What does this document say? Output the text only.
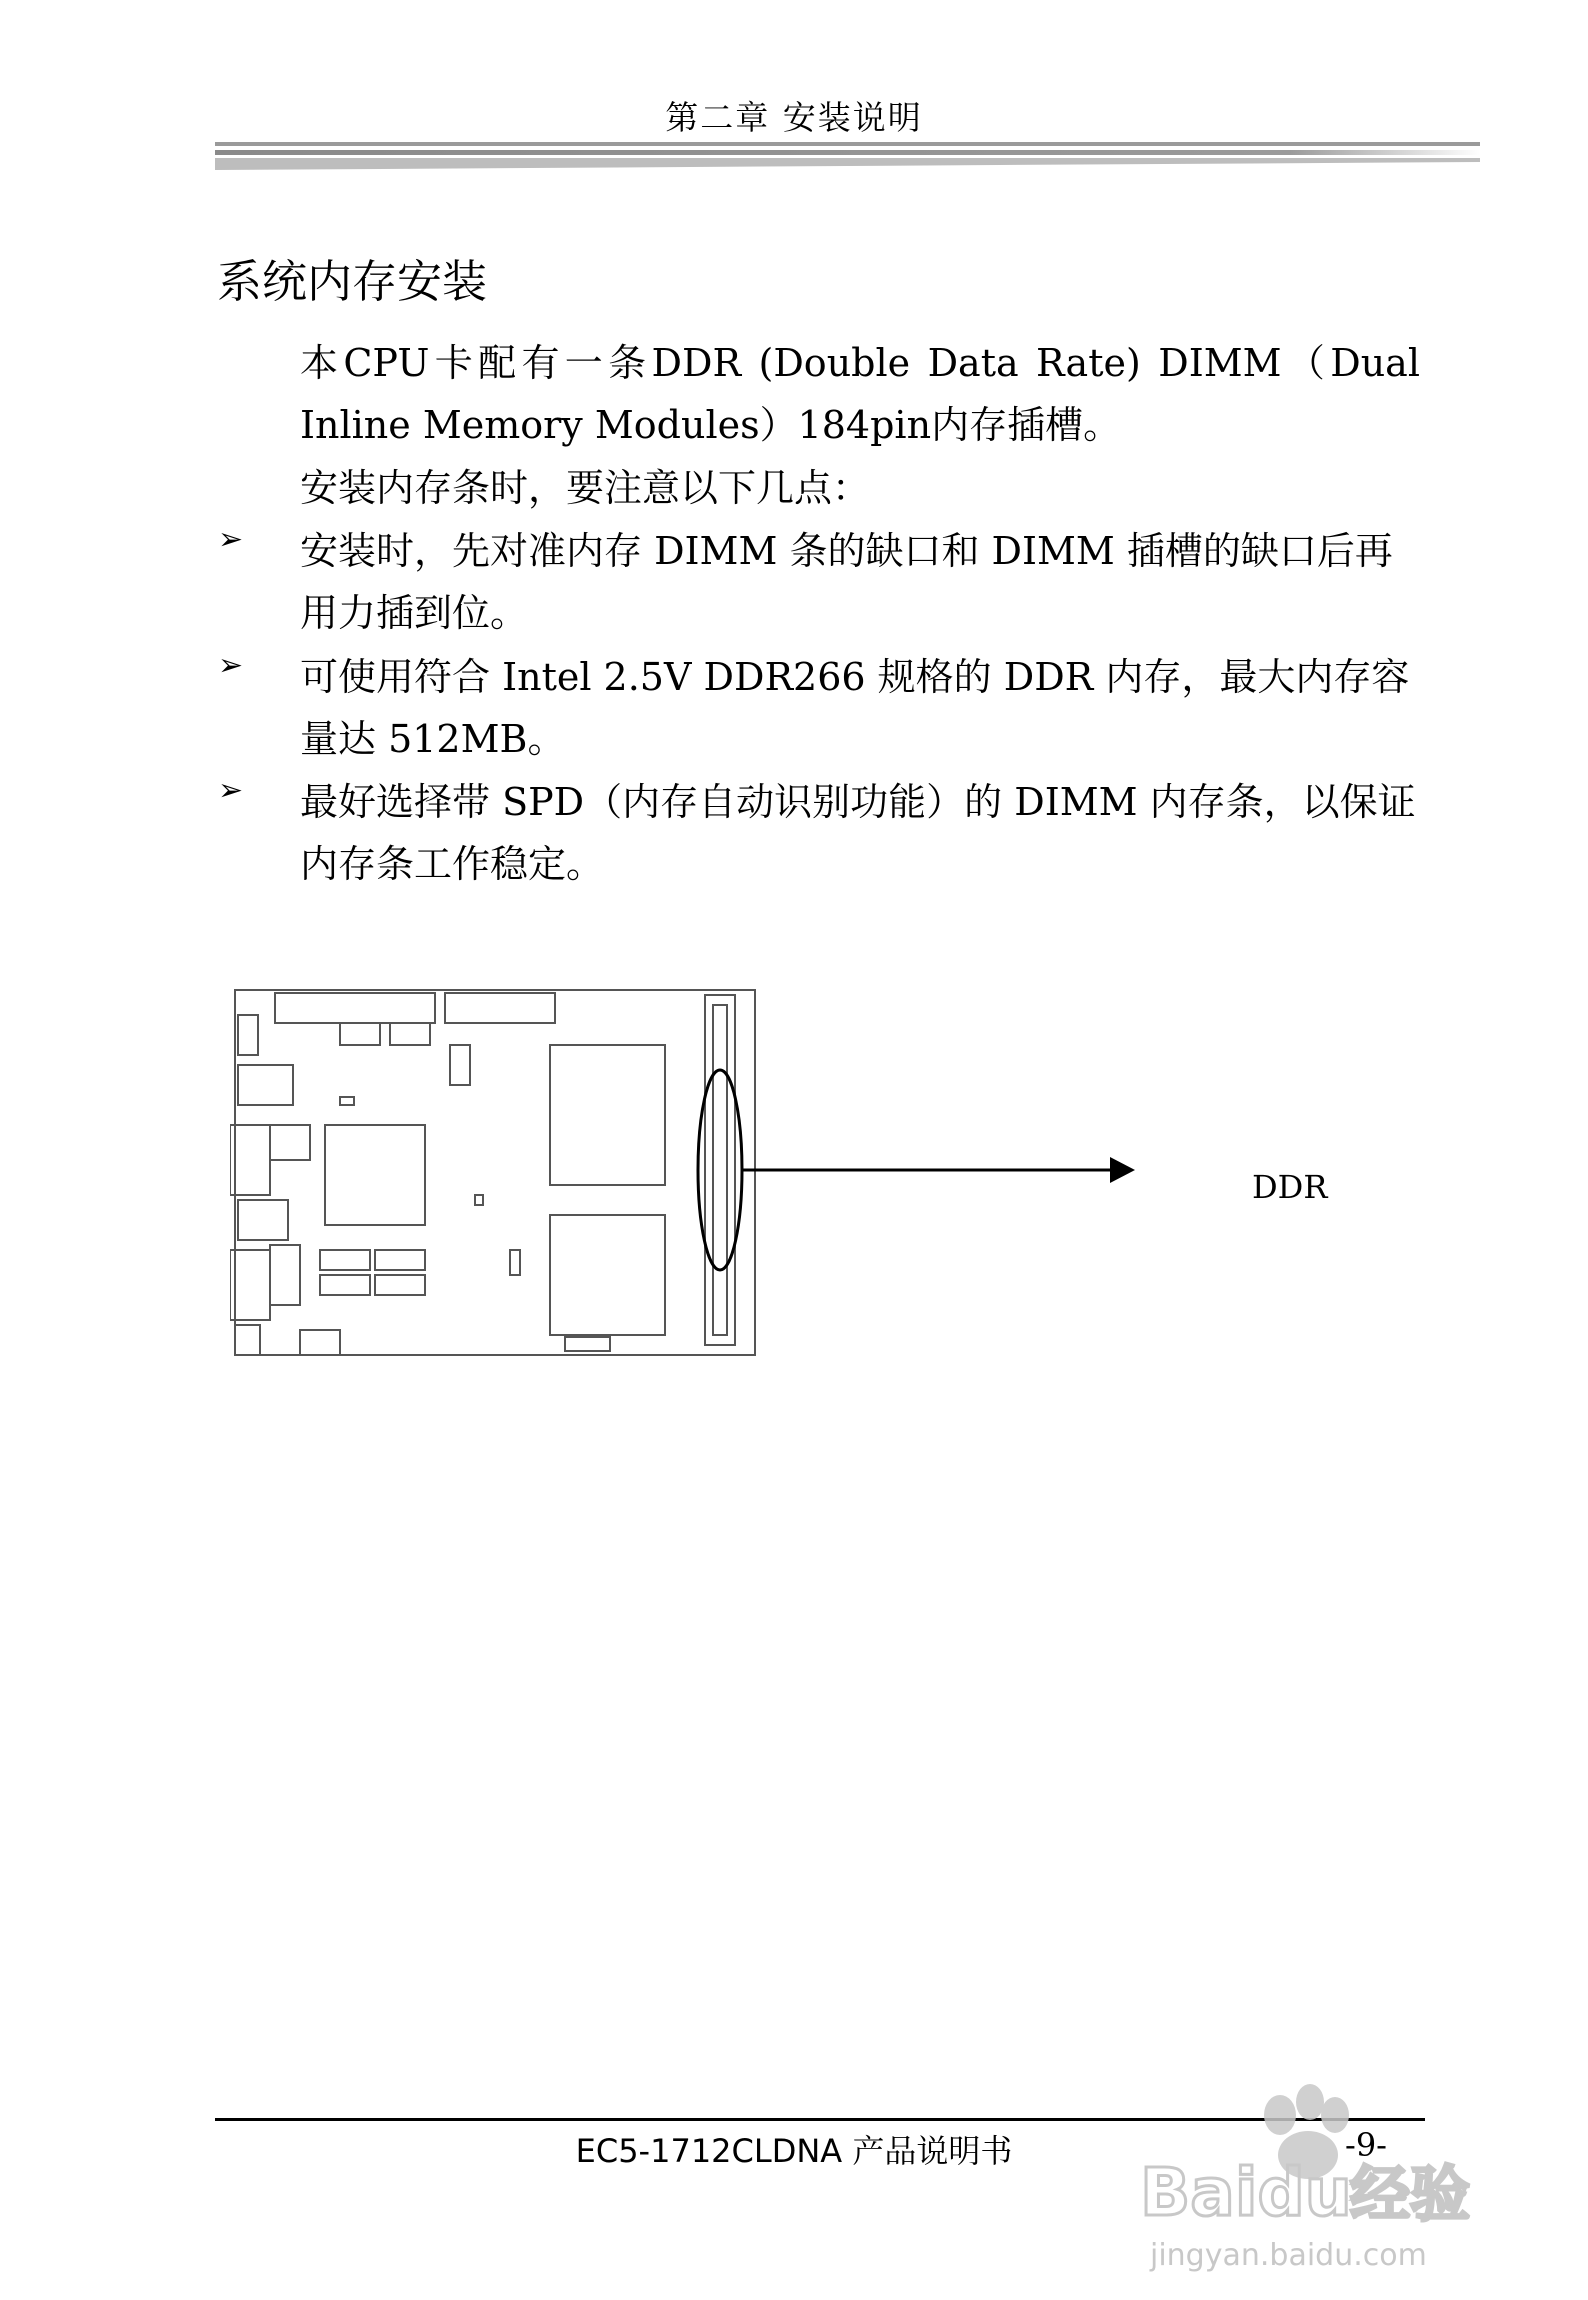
第二章 安装说明
系统内存安装
本CPU卡配有一条DDR (Double Data Rate) DIMM（Dual Inline Memory Modules）184pin内存插槽。
安装内存条时，要注意以下几点：
➢ 安装时，先对准内存 DIMM 条的缺口和 DIMM 插槽的缺口后再用力插到位。
➢ 可使用符合 Intel 2.5V DDR266 规格的 DDR 内存，最大内存容量达 512MB。
➢ 最好选择带 SPD（内存自动识别功能）的 DIMM 内存条，以保证内存条工作稳定。
DDR
EC5-1712CLDNA 产品说明书	-9-
Baidu
经验
jingyan.baidu.com
